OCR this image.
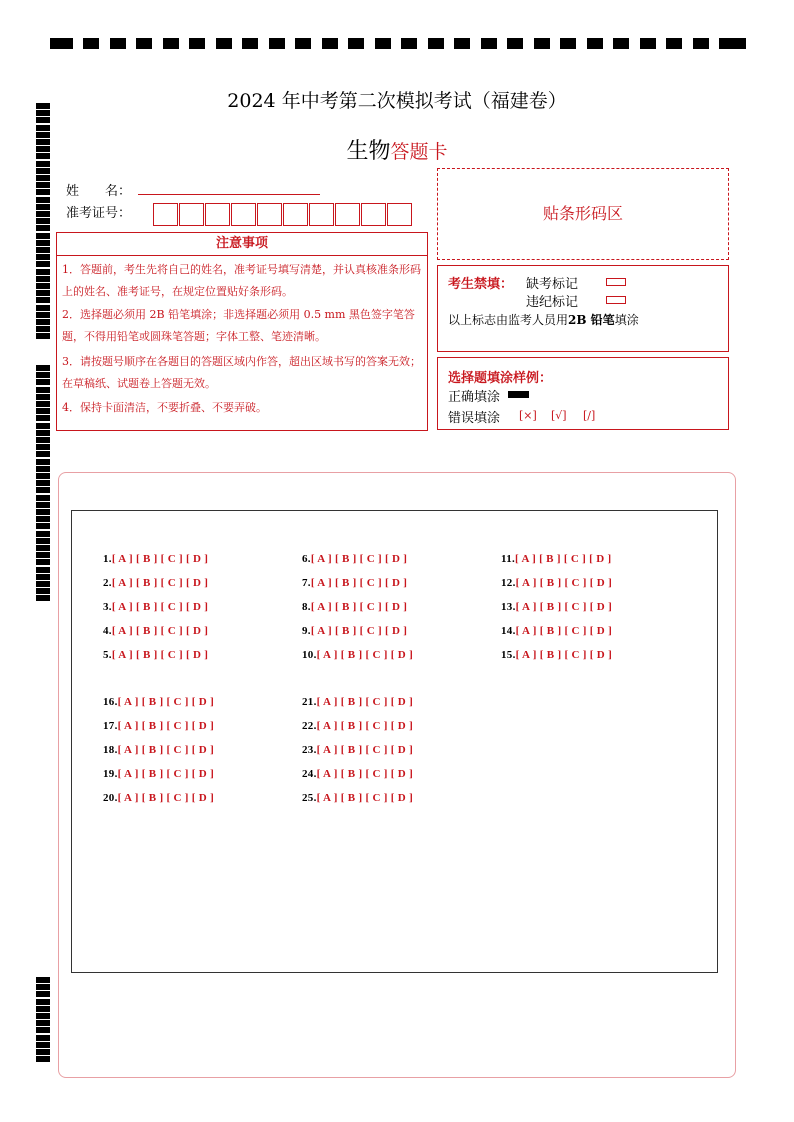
2024 年中考第二次模拟考试（福建卷）
生物答题卡
姓　　名：
准考证号：	贴条形码区
注意事项
1．答题前，考生先将自己的姓名，准考证号填写清楚，并认真核准条形码上的姓名、准考证号，在规定位置贴好条形码。
2．选择题必须用 2B 铅笔填涂；非选择题必须用 0.5 mm 黑色签字笔答题，不得用铅笔或圆珠笔答题；字体工整、笔迹清晰。
3．请按题号顺序在各题目的答题区域内作答，超出区域书写的答案无效；在草稿纸、试题卷上答题无效。
4．保持卡面清洁，不要折叠、不要弄破。
考生禁填： 缺考标记
违纪标记
以上标志由监考人员用2B 铅笔填涂
选择题填涂样例：
正确填涂
错误填涂 [×] [√] [/]
1.[ A ] [ B ] [ C ] [ D ]
2.[ A ] [ B ] [ C ] [ D ]
3.[ A ] [ B ] [ C ] [ D ]
4.[ A ] [ B ] [ C ] [ D ]
5.[ A ] [ B ] [ C ] [ D ]
6.[ A ] [ B ] [ C ] [ D ]
7.[ A ] [ B ] [ C ] [ D ]
8.[ A ] [ B ] [ C ] [ D ]
9.[ A ] [ B ] [ C ] [ D ]
10.[ A ] [ B ] [ C ] [ D ]
11.[ A ] [ B ] [ C ] [ D ]
12.[ A ] [ B ] [ C ] [ D ]
13.[ A ] [ B ] [ C ] [ D ]
14.[ A ] [ B ] [ C ] [ D ]
15.[ A ] [ B ] [ C ] [ D ]
16.[ A ] [ B ] [ C ] [ D ]
17.[ A ] [ B ] [ C ] [ D ]
18.[ A ] [ B ] [ C ] [ D ]
19.[ A ] [ B ] [ C ] [ D ]
20.[ A ] [ B ] [ C ] [ D ]
21.[ A ] [ B ] [ C ] [ D ]
22.[ A ] [ B ] [ C ] [ D ]
23.[ A ] [ B ] [ C ] [ D ]
24.[ A ] [ B ] [ C ] [ D ]
25.[ A ] [ B ] [ C ] [ D ]
